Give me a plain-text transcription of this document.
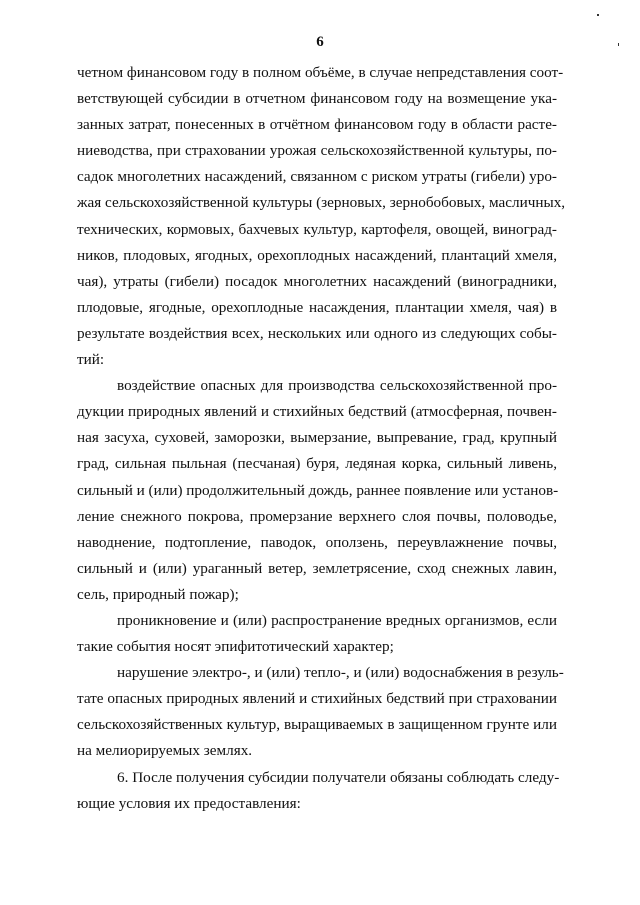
6
четном финансовом году в полном объёме, в случае непредставления соот-
ветствующей субсидии в отчетном финансовом году на возмещение ука-
занных затрат, понесенных в отчётном финансовом году в области расте-
ниеводства, при страховании урожая сельскохозяйственной культуры, по-
садок многолетних насаждений, связанном с риском утраты (гибели) уро-
жая сельскохозяйственной культуры (зерновых, зернобобовых, масличных,
технических, кормовых, бахчевых культур, картофеля, овощей, виноград-
ников, плодовых, ягодных, орехоплодных насаждений, плантаций хмеля,
чая), утраты (гибели) посадок многолетних насаждений (виноградники,
плодовые, ягодные, орехоплодные насаждения, плантации хмеля, чая) в
результате воздействия всех, нескольких или одного из следующих собы-
тий:
воздействие опасных для производства сельскохозяйственной про-
дукции природных явлений и стихийных бедствий (атмосферная, почвен-
ная засуха, суховей, заморозки, вымерзание, выпревание, град, крупный
град, сильная пыльная (песчаная) буря, ледяная корка, сильный ливень,
сильный и (или) продолжительный дождь, раннее появление или установ-
ление снежного покрова, промерзание верхнего слоя почвы, половодье,
наводнение, подтопление, паводок, оползень, переувлажнение почвы,
сильный и (или) ураганный ветер, землетрясение, сход снежных лавин,
сель, природный пожар);
проникновение и (или) распространение вредных организмов, если
такие события носят эпифитотический характер;
нарушение электро-, и (или) тепло-, и (или) водоснабжения в резуль-
тате опасных природных явлений и стихийных бедствий при страховании
сельскохозяйственных культур, выращиваемых в защищенном грунте или
на мелиорируемых землях.
6. После получения субсидии получатели обязаны соблюдать следу-
ющие условия их предоставления:
